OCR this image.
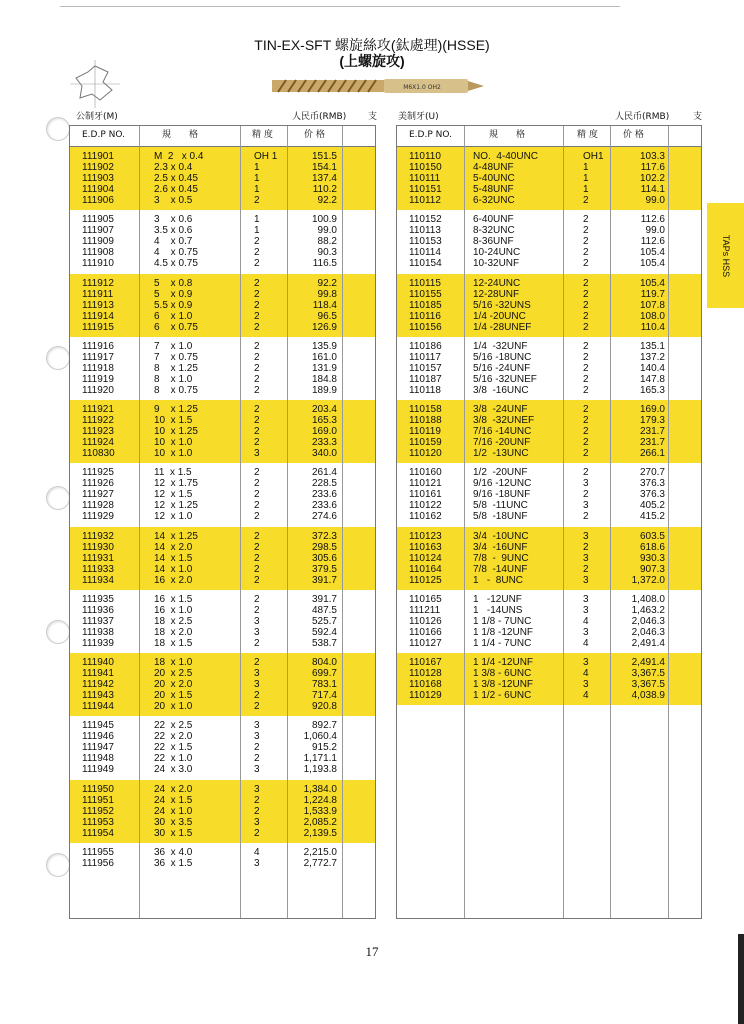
TIN-EX-SFT 螺旋絲攻(鈦處理)(HSSE)
(上螺旋攻)
M6X1.0 OH2
公制牙(M)	人民币(RMB) 支 美制牙(U)	人民币(RMB)	支
E.D.P NO.	規　　格	精 度	价 格
111901	M  2   x 0.4	OH 1	151.5
111902	2.3 x 0.4	1	154.1
111903	2.5 x 0.45	1	137.4
111904	2.6 x 0.45	1	110.2
111906	3    x 0.5	2	92.2
111905	3    x 0.6	1	100.9
111907	3.5 x 0.6	1	99.0
111909	4    x 0.7	2	88.2
111908	4    x 0.75	2	90.3
111910	4.5 x 0.75	2	116.5
111912	5    x 0.8	2	92.2
111911	5    x 0.9	2	99.8
111913	5.5 x 0.9	2	118.4
111914	6    x 1.0	2	96.5
111915	6    x 0.75	2	126.9
111916	7    x 1.0	2	135.9
111917	7    x 0.75	2	161.0
111918	8    x 1.25	2	131.9
111919	8    x 1.0	2	184.8
111920	8    x 0.75	2	189.9
111921	9    x 1.25	2	203.4
111922	10  x 1.5	2	165.3
111923	10  x 1.25	2	169.0
111924	10  x 1.0	2	233.3
110830	10  x 1.0	3	340.0
111925	11  x 1.5	2	261.4
111926	12  x 1.75	2	228.5
111927	12  x 1.5	2	233.6
111928	12  x 1.25	2	233.6
111929	12  x 1.0	2	274.6
111932	14  x 1.25	2	372.3
111930	14  x 2.0	2	298.5
111931	14  x 1.5	2	305.6
111933	14  x 1.0	2	379.5
111934	16  x 2.0	2	391.7
111935	16  x 1.5	2	391.7
111936	16  x 1.0	2	487.5
111937	18  x 2.5	3	525.7
111938	18  x 2.0	3	592.4
111939	18  x 1.5	2	538.7
111940	18  x 1.0	2	804.0
111941	20  x 2.5	3	699.7
111942	20  x 2.0	3	783.1
111943	20  x 1.5	2	717.4
111944	20  x 1.0	2	920.8
111945	22  x 2.5	3	892.7
111946	22  x 2.0	3	1,060.4
111947	22  x 1.5	2	915.2
111948	22  x 1.0	2	1,171.1
111949	24  x 3.0	3	1,193.8
111950	24  x 2.0	3	1,384.0
111951	24  x 1.5	2	1,224.8
111952	24  x 1.0	2	1,533.9
111953	30  x 3.5	3	2,085.2
111954	30  x 1.5	2	2,139.5
111955	36  x 4.0	4	2,215.0
111956	36  x 1.5	3	2,772.7
E.D.P NO.	規　　格	精 度	价 格
110110	NO.  4-40UNC	OH1	103.3
110150	4-48UNF	1	117.6
110111	5-40UNC	1	102.2
110151	5-48UNF	1	114.1
110112	6-32UNC	2	99.0
110152	6-40UNF	2	112.6
110113	8-32UNC	2	99.0
110153	8-36UNF	2	112.6
110114	10-24UNC	2	105.4
110154	10-32UNF	2	105.4
110115	12-24UNC	2	105.4
110155	12-28UNF	2	119.7
110185	5/16 -32UNS	2	107.8
110116	1/4 -20UNC	2	108.0
110156	1/4 -28UNEF	2	110.4
110186	1/4  -32UNF	2	135.1
110117	5/16 -18UNC	2	137.2
110157	5/16 -24UNF	2	140.4
110187	5/16 -32UNEF	2	147.8
110118	3/8  -16UNC	2	165.3
110158	3/8  -24UNF	2	169.0
110188	3/8  -32UNEF	2	179.3
110119	7/16 -14UNC	2	231.7
110159	7/16 -20UNF	2	231.7
110120	1/2  -13UNC	2	266.1
110160	1/2  -20UNF	2	270.7
110121	9/16 -12UNC	3	376.3
110161	9/16 -18UNF	2	376.3
110122	5/8  -11UNC	3	405.2
110162	5/8  -18UNF	2	415.2
110123	3/4  -10UNC	3	603.5
110163	3/4  -16UNF	2	618.6
110124	7/8  -  9UNC	3	930.3
110164	7/8  -14UNF	2	907.3
110125	1   -  8UNC	3	1,372.0
110165	1   -12UNF	3	1,408.0
111211	1   -14UNS	3	1,463.2
110126	1 1/8 - 7UNC	4	2,046.3
110166	1 1/8 -12UNF	3	2,046.3
110127	1 1/4 - 7UNC	4	2,491.4
110167	1 1/4 -12UNF	3	2,491.4
110128	1 3/8 - 6UNC	4	3,367.5
110168	1 3/8 -12UNF	3	3,367.5
110129	1 1/2 - 6UNC	4	4,038.9
TAPs HSS
17
